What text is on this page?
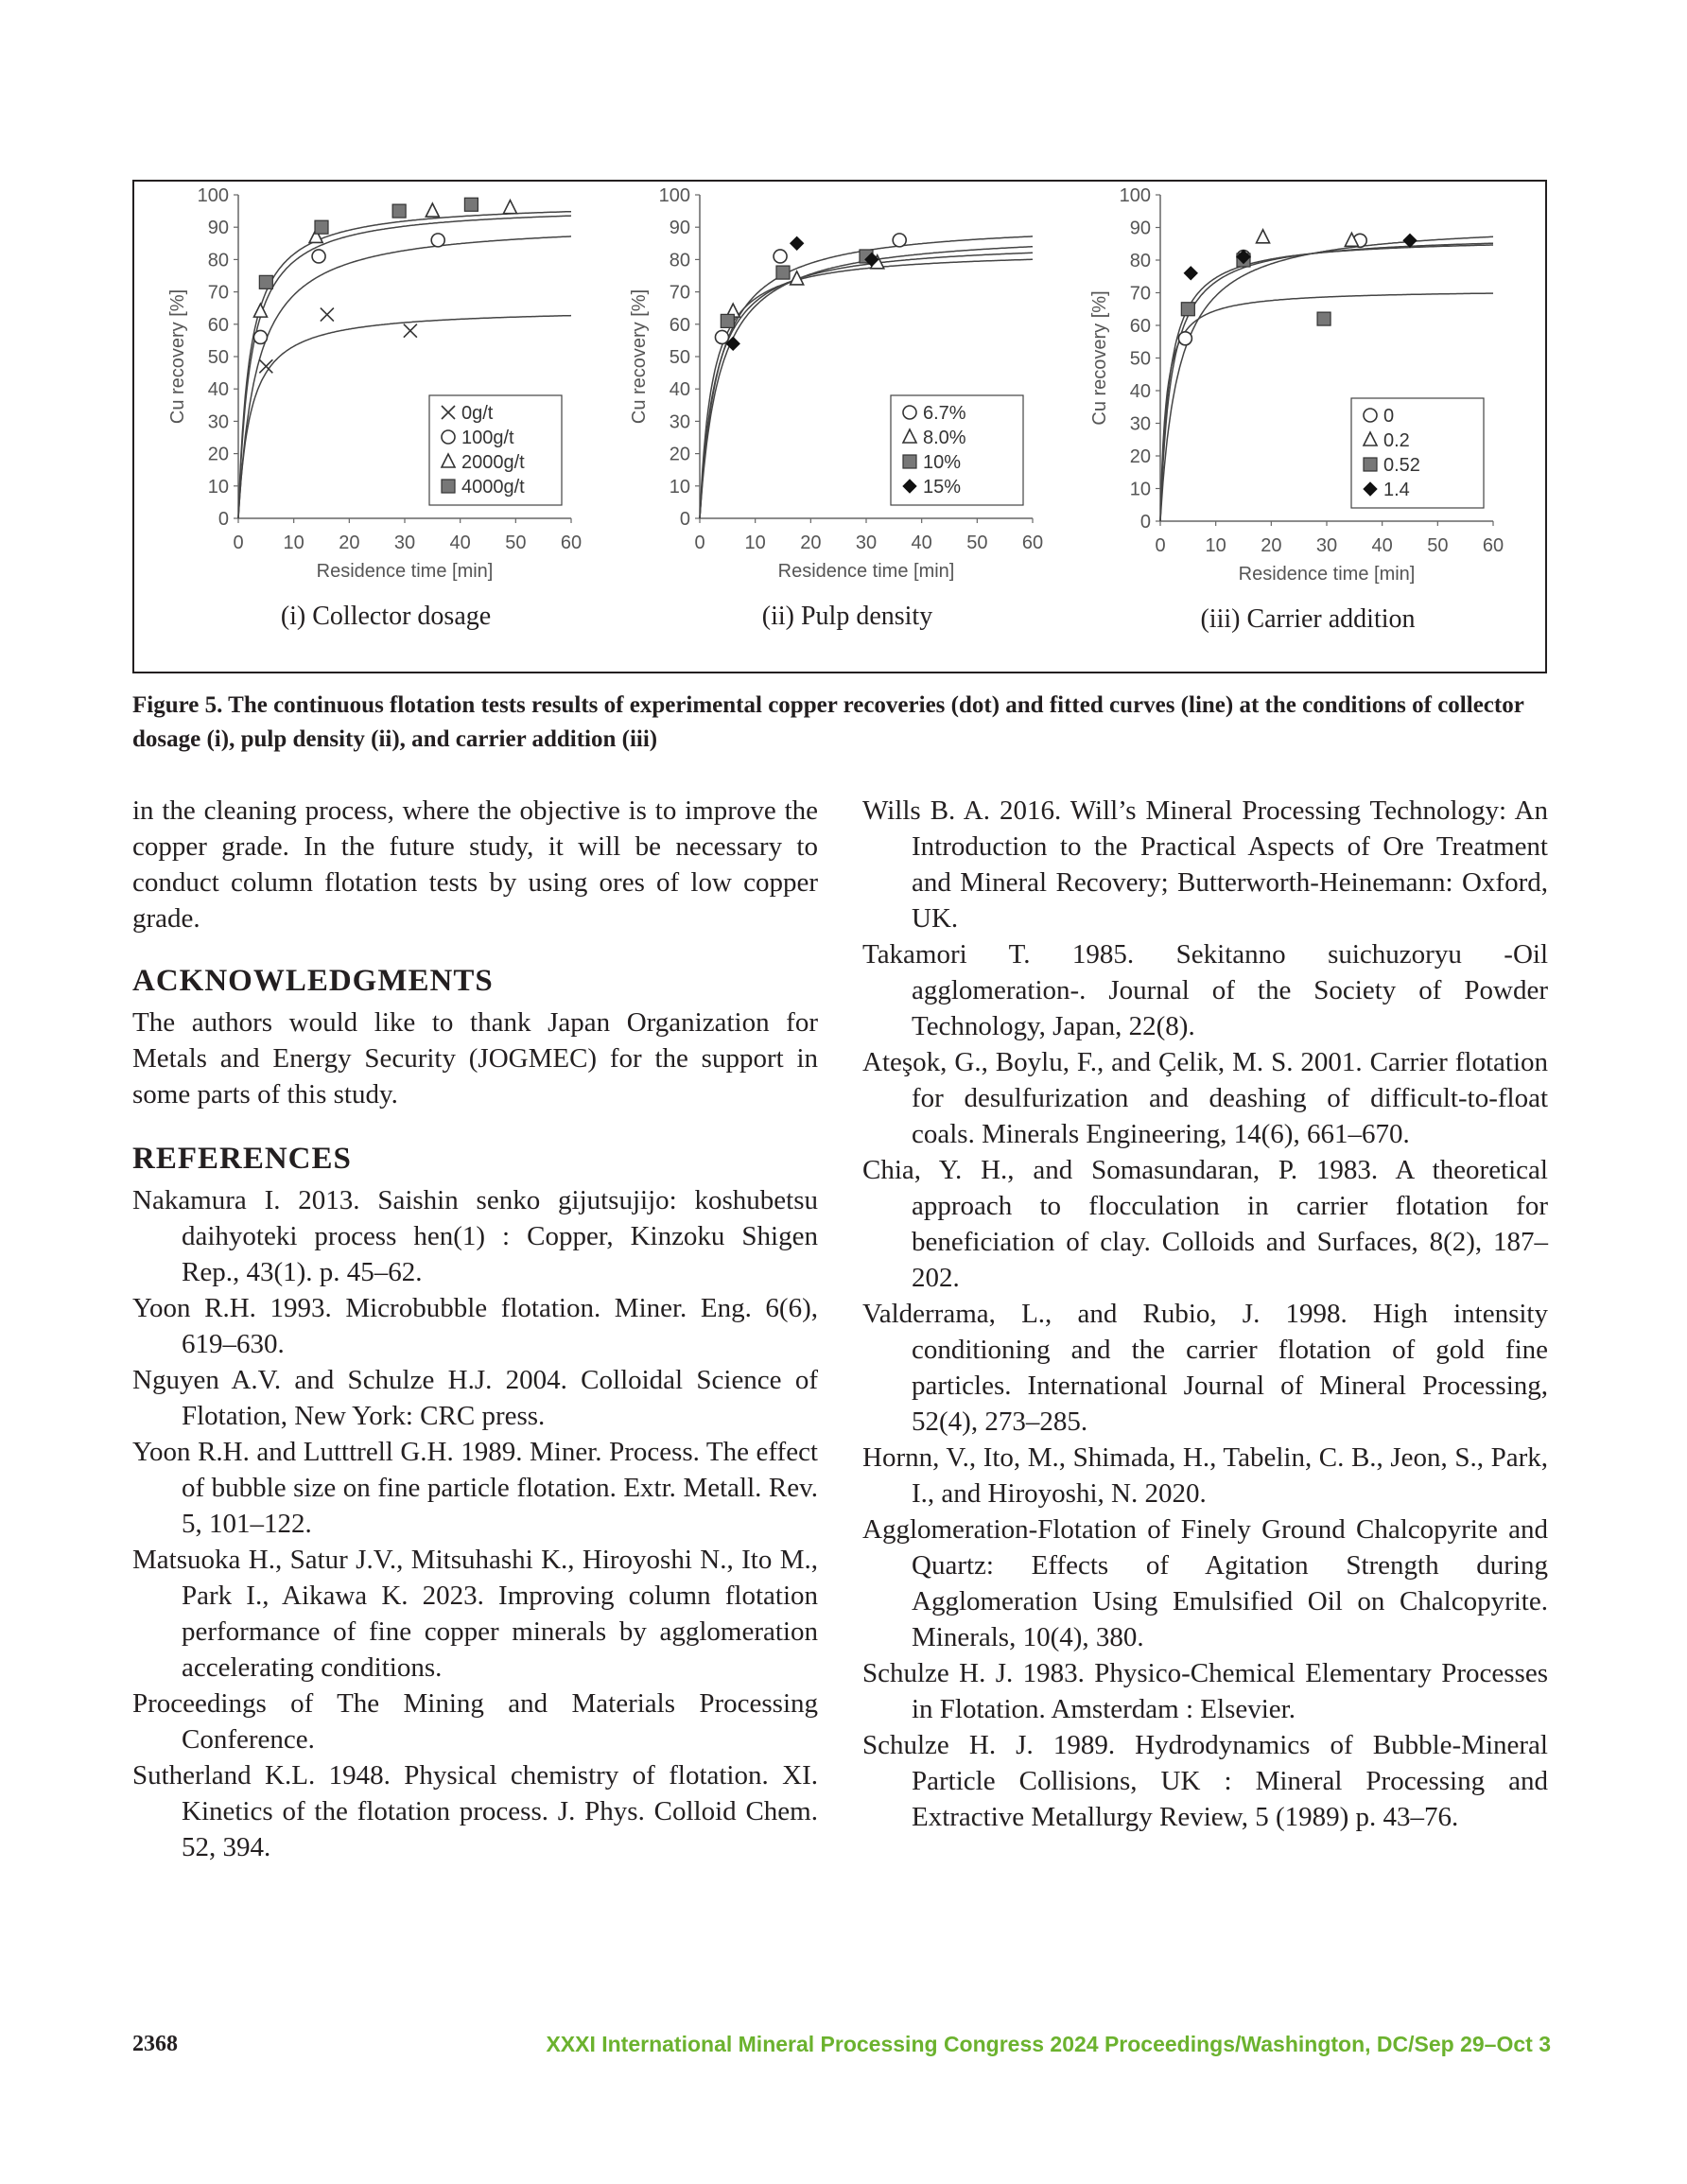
0
10
20
30
40
50
60
70
80
90
100
0 10 20 30 40 50 60
Residence time [min]
Cu recovery [%]	0g/t
100g/t
2000g/t
4000g/t
(i) Collector dosage
0
10
20
30
40
50
60
70
80
90
100
0 10 20 30 40 50 60
Residence time [min]
Cu recovery [%]	6.7%
8.0%
10%
15%
(ii) Pulp density
0
10
20
30
40
50
60
70
80
90
100
0 10 20 30 40 50 60
Residence time [min]
Cu recovery [%]	0
0.2
0.52
1.4
(iii) Carrier addition
Figure 5. The continuous flotation tests results of experimental copper recoveries (dot) and fitted curves (line) at the conditions of collector dosage (i), pulp density (ii), and carrier addition (iii)

in the cleaning process, where the objective is to improve the copper grade. In the future study, it will be necessary to conduct column flotation tests by using ores of low copper grade.

ACKNOWLEDGMENTS

The authors would like to thank Japan Organization for Metals and Energy Security (JOGMEC) for the support in some parts of this study.

REFERENCES

Nakamura I. 2013. Saishin senko gijutsujijo: koshubetsu daihyoteki process hen(1) : Copper, Kinzoku Shigen Rep., 43(1). p. 45–62.

Yoon R.H. 1993. Microbubble flotation. Miner. Eng. 6(6), 619–630.

Nguyen A.V. and Schulze H.J. 2004. Colloidal Science of Flotation, New York: CRC press.

Yoon R.H. and Lutttrell G.H. 1989. Miner. Process. The effect of bubble size on fine particle flotation. Extr. Metall. Rev. 5, 101–122.

Matsuoka H., Satur J.V., Mitsuhashi K., Hiroyoshi N., Ito M., Park I., Aikawa K. 2023. Improving column flotation performance of fine copper minerals by agglomeration accelerating conditions.

Proceedings of The Mining and Materials Processing Conference.

Sutherland K.L. 1948. Physical chemistry of flotation. XI. Kinetics of the flotation process. J. Phys. Colloid Chem. 52, 394.

Wills B. A. 2016. Will’s Mineral Processing Technology: An Introduction to the Practical Aspects of Ore Treatment and Mineral Recovery; Butterworth-Heinemann: Oxford, UK.

Takamori T. 1985. Sekitanno suichuzoryu -Oil agglomeration-. Journal of the Society of Powder Technology, Japan, 22(8).

Ateşok, G., Boylu, F., and Çelik, M. S. 2001. Carrier flotation for desulfurization and deashing of difficult-to-float coals. Minerals Engineering, 14(6), 661–670.

Chia, Y. H., and Somasundaran, P. 1983. A theoretical approach to flocculation in carrier flotation for beneficiation of clay. Colloids and Surfaces, 8(2), 187–202.

Valderrama, L., and Rubio, J. 1998. High intensity conditioning and the carrier flotation of gold fine particles. International Journal of Mineral Processing, 52(4), 273–285.

Hornn, V., Ito, M., Shimada, H., Tabelin, C. B., Jeon, S., Park, I., and Hiroyoshi, N. 2020.

Agglomeration-Flotation of Finely Ground Chalcopyrite and Quartz: Effects of Agitation Strength during Agglomeration Using Emulsified Oil on Chalcopyrite. Minerals, 10(4), 380.

Schulze H. J. 1983. Physico-Chemical Elementary Processes in Flotation. Amsterdam : Elsevier.

Schulze H. J. 1989. Hydrodynamics of Bubble-Mineral Particle Collisions, UK : Mineral Processing and Extractive Metallurgy Review, 5 (1989) p. 43–76.

2368	XXXI International Mineral Processing Congress 2024 Proceedings/Washington, DC/Sep 29–Oct 3
